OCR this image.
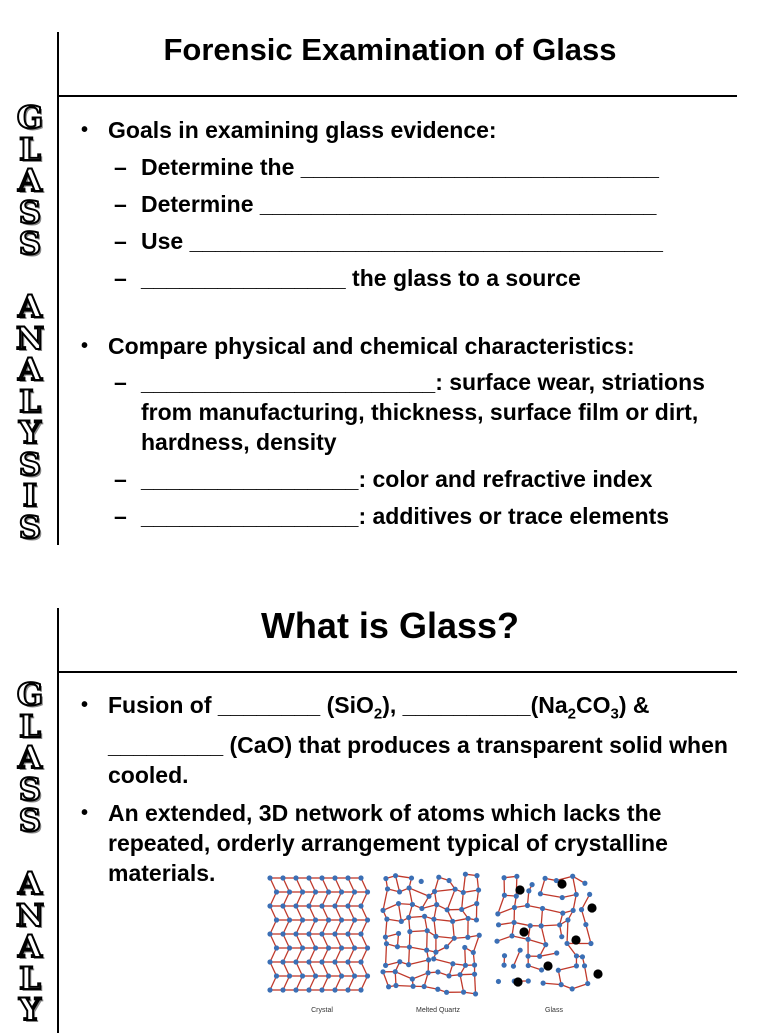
Forensic Examination of Glass
G
L
A
S
S
A
N
A
L
Y
S
I
S
• Goals in examining glass evidence:
– Determine the ____________________________
– Determine _______________________________
– Use _____________________________________
– ________________ the glass to a source
• Compare physical and chemical characteristics:
– _______________________: surface wear, striations from manufacturing, thickness, surface film or dirt, hardness, density
– _________________: color and refractive index
– _________________: additives or trace elements
What is Glass?
G
L
A
S
S
A
N
A
L
Y
• Fusion of ________ (SiO$_2$), $\_\_\_\_\_\_\_\_\_\_(Na_2CO_3)$ & _________ (CaO) that produces a transparent solid when cooled.
• An extended, 3D network of atoms which lacks the repeated, orderly arrangement typical of crystalline materials.
Crystal	Melted Quartz	Glass
